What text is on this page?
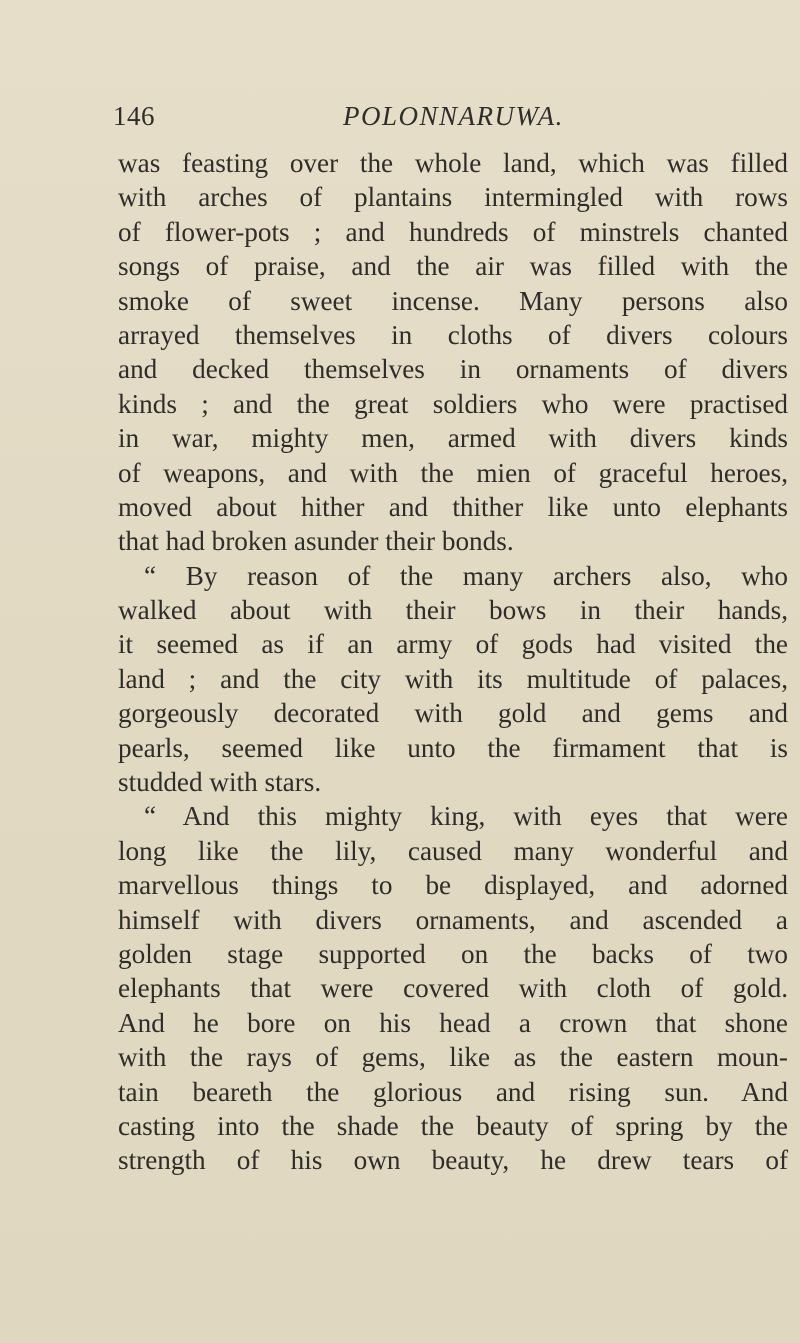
146	POLONNARUWA.
was feasting over the whole land, which was filled
with arches of plantains intermingled with rows
of flower-pots ; and hundreds of minstrels chanted
songs of praise, and the air was filled with the
smoke of sweet incense. Many persons also
arrayed themselves in cloths of divers colours
and decked themselves in ornaments of divers
kinds ; and the great soldiers who were practised
in war, mighty men, armed with divers kinds
of weapons, and with the mien of graceful heroes,
moved about hither and thither like unto elephants
that had broken asunder their bonds.
“ By reason of the many archers also, who
walked about with their bows in their hands,
it seemed as if an army of gods had visited the
land ; and the city with its multitude of palaces,
gorgeously decorated with gold and gems and
pearls, seemed like unto the firmament that is
studded with stars.
“ And this mighty king, with eyes that were
long like the lily, caused many wonderful and
marvellous things to be displayed, and adorned
himself with divers ornaments, and ascended a
golden stage supported on the backs of two
elephants that were covered with cloth of gold.
And he bore on his head a crown that shone
with the rays of gems, like as the eastern moun-
tain beareth the glorious and rising sun. And
casting into the shade the beauty of spring by the
strength of his own beauty, he drew tears of
